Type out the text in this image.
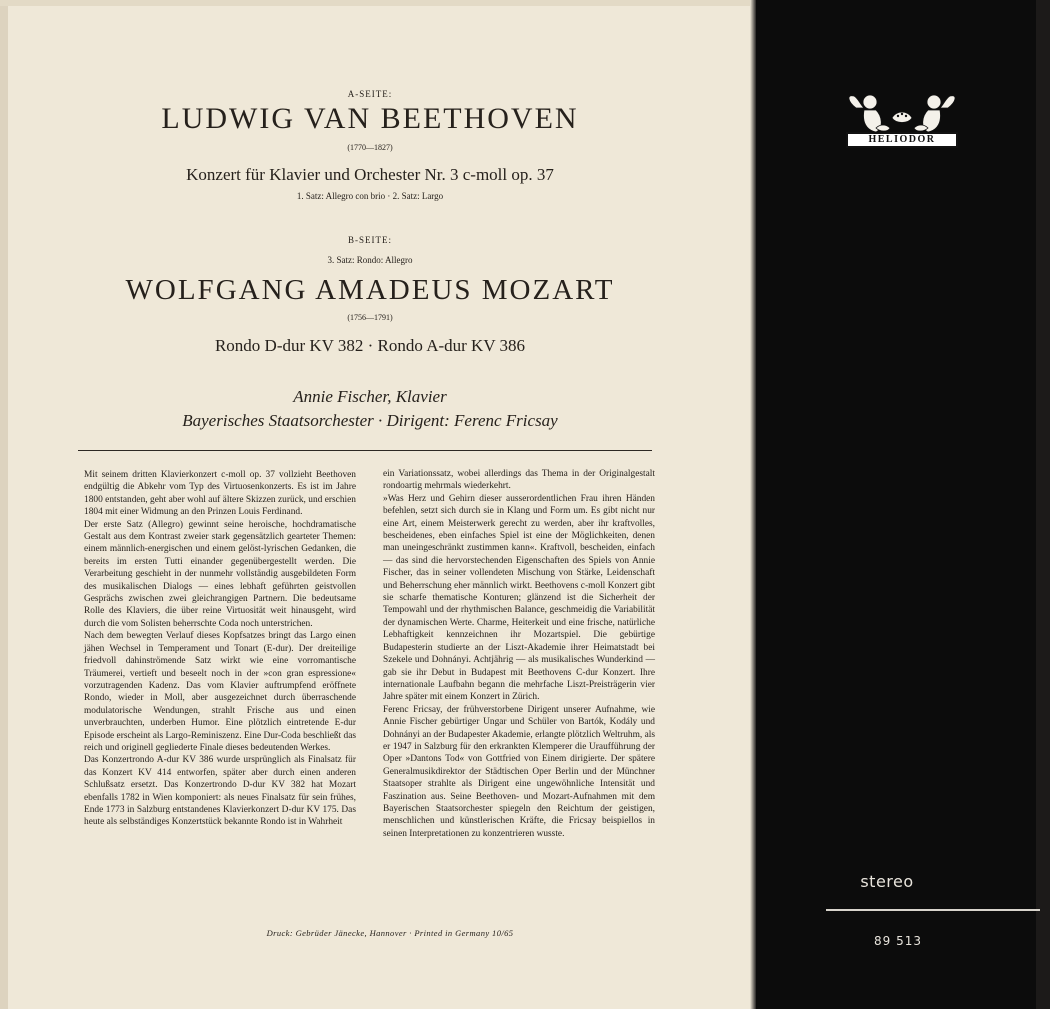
A-SEITE:
LUDWIG VAN BEETHOVEN
(1770—1827)
Konzert für Klavier und Orchester Nr. 3 c-moll op. 37
1. Satz: Allegro con brio · 2. Satz: Largo
B-SEITE:
3. Satz: Rondo: Allegro
WOLFGANG AMADEUS MOZART
(1756—1791)
Rondo D-dur KV 382 · Rondo A-dur KV 386
Annie Fischer, Klavier
Bayerisches Staatsorchester · Dirigent: Ferenc Fricsay

Mit seinem dritten Klavierkonzert c-moll op. 37 vollzieht Beethoven endgültig die Abkehr vom Typ des Virtuosenkonzerts. Es ist im Jahre 1800 entstanden, geht aber wohl auf ältere Skizzen zurück, und erschien 1804 mit einer Widmung an den Prinzen Louis Ferdinand.

Der erste Satz (Allegro) gewinnt seine heroische, hochdramatische Gestalt aus dem Kontrast zweier stark gegensätzlich gearteter Themen: einem männlich-energischen und einem gelöst-lyrischen Gedanken, die bereits im ersten Tutti einander gegenübergestellt werden. Die Verarbeitung geschieht in der nunmehr vollständig ausgebildeten Form des musikalischen Dialogs — eines lebhaft geführten geistvollen Gesprächs zwischen zwei gleichrangigen Partnern. Die bedeutsame Rolle des Klaviers, die über reine Virtuosität weit hinausgeht, wird durch die vom Solisten beherrschte Coda noch unterstrichen.

Nach dem bewegten Verlauf dieses Kopfsatzes bringt das Largo einen jähen Wechsel in Temperament und Tonart (E-dur). Der dreiteilige friedvoll dahinströmende Satz wirkt wie eine vorromantische Träumerei, vertieft und beseelt noch in der »con gran espressione« vorzutragenden Kadenz. Das vom Klavier auftrumpfend eröffnete Rondo, wieder in Moll, aber ausgezeichnet durch überraschende modulatorische Wendungen, strahlt Frische aus und einen unverbrauchten, underben Humor. Eine plötzlich eintretende E-dur Episode erscheint als Largo-Reminiszenz. Eine Dur-Coda beschließt das reich und originell gegliederte Finale dieses bedeutenden Werkes.

Das Konzertrondo A-dur KV 386 wurde ursprünglich als Finalsatz für das Konzert KV 414 entworfen, später aber durch einen anderen Schlußsatz ersetzt. Das Konzertrondo D-dur KV 382 hat Mozart ebenfalls 1782 in Wien komponiert: als neues Finalsatz für sein frühes, Ende 1773 in Salzburg entstandenes Klavierkonzert D-dur KV 175. Das heute als selbständiges Konzertstück bekannte Rondo ist in Wahrheit

ein Variationssatz, wobei allerdings das Thema in der Originalgestalt rondoartig mehrmals wiederkehrt.

»Was Herz und Gehirn dieser ausserordentlichen Frau ihren Händen befehlen, setzt sich durch sie in Klang und Form um. Es gibt nicht nur eine Art, einem Meisterwerk gerecht zu werden, aber ihr kraftvolles, bescheidenes, eben einfaches Spiel ist eine der Möglichkeiten, denen man uneingeschränkt zustimmen kann«. Kraftvoll, bescheiden, einfach — das sind die hervorstechenden Eigenschaften des Spiels von Annie Fischer, das in seiner vollendeten Mischung von Stärke, Leidenschaft und Beherrschung eher männlich wirkt. Beethovens c-moll Konzert gibt sie scharfe thematische Konturen; glänzend ist die Sicherheit der Tempowahl und der rhythmischen Balance, geschmeidig die Variabilität der dynamischen Werte. Charme, Heiterkeit und eine frische, natürliche Lebhaftigkeit kennzeichnen ihr Mozartspiel. Die gebürtige Budapesterin studierte an der Liszt-Akademie ihrer Heimatstadt bei Szekele und Dohnányi. Achtjährig — als musikalisches Wunderkind — gab sie ihr Debut in Budapest mit Beethovens C-dur Konzert. Ihre internationale Laufbahn begann die mehrfache Liszt-Preisträgerin vier Jahre später mit einem Konzert in Zürich.

Ferenc Fricsay, der frühverstorbene Dirigent unserer Aufnahme, wie Annie Fischer gebürtiger Ungar und Schüler von Bartók, Kodály und Dohnányi an der Budapester Akademie, erlangte plötzlich Weltruhm, als er 1947 in Salzburg für den erkrankten Klemperer die Uraufführung der Oper »Dantons Tod« von Gottfried von Einem dirigierte. Der spätere Generalmusikdirektor der Städtischen Oper Berlin und der Münchner Staatsoper strahlte als Dirigent eine ungewöhnliche Intensität und Faszination aus. Seine Beethoven- und Mozart-Aufnahmen mit dem Bayerischen Staatsorchester spiegeln den Reichtum der geistigen, menschlichen und künstlerischen Kräfte, die Fricsay beispiellos in seinen Interpretationen zu konzentrieren wusste.

Druck: Gebrüder Jänecke, Hannover · Printed in Germany 10/65
HELIODOR
stereo
89 513
